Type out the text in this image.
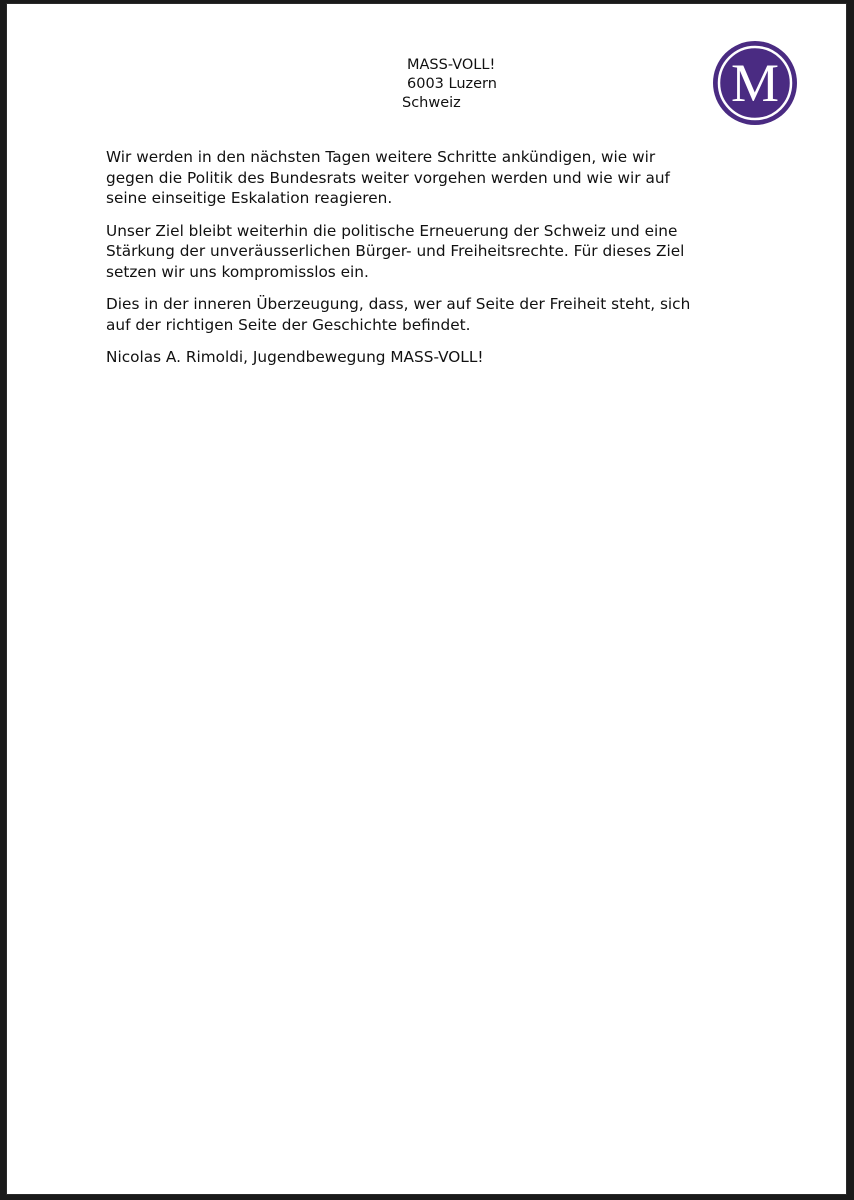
MASS-VOLL!
6003 Luzern
Schweiz	M

Wir werden in den nächsten Tagen weitere Schritte ankündigen, wie wir
gegen die Politik des Bundesrats weiter vorgehen werden und wie wir auf
seine einseitige Eskalation reagieren.

Unser Ziel bleibt weiterhin die politische Erneuerung der Schweiz und eine
Stärkung der unveräusserlichen Bürger- und Freiheitsrechte. Für dieses Ziel
setzen wir uns kompromisslos ein.

Dies in der inneren Überzeugung, dass, wer auf Seite der Freiheit steht, sich
auf der richtigen Seite der Geschichte befindet.

Nicolas A. Rimoldi, Jugendbewegung MASS-VOLL!
